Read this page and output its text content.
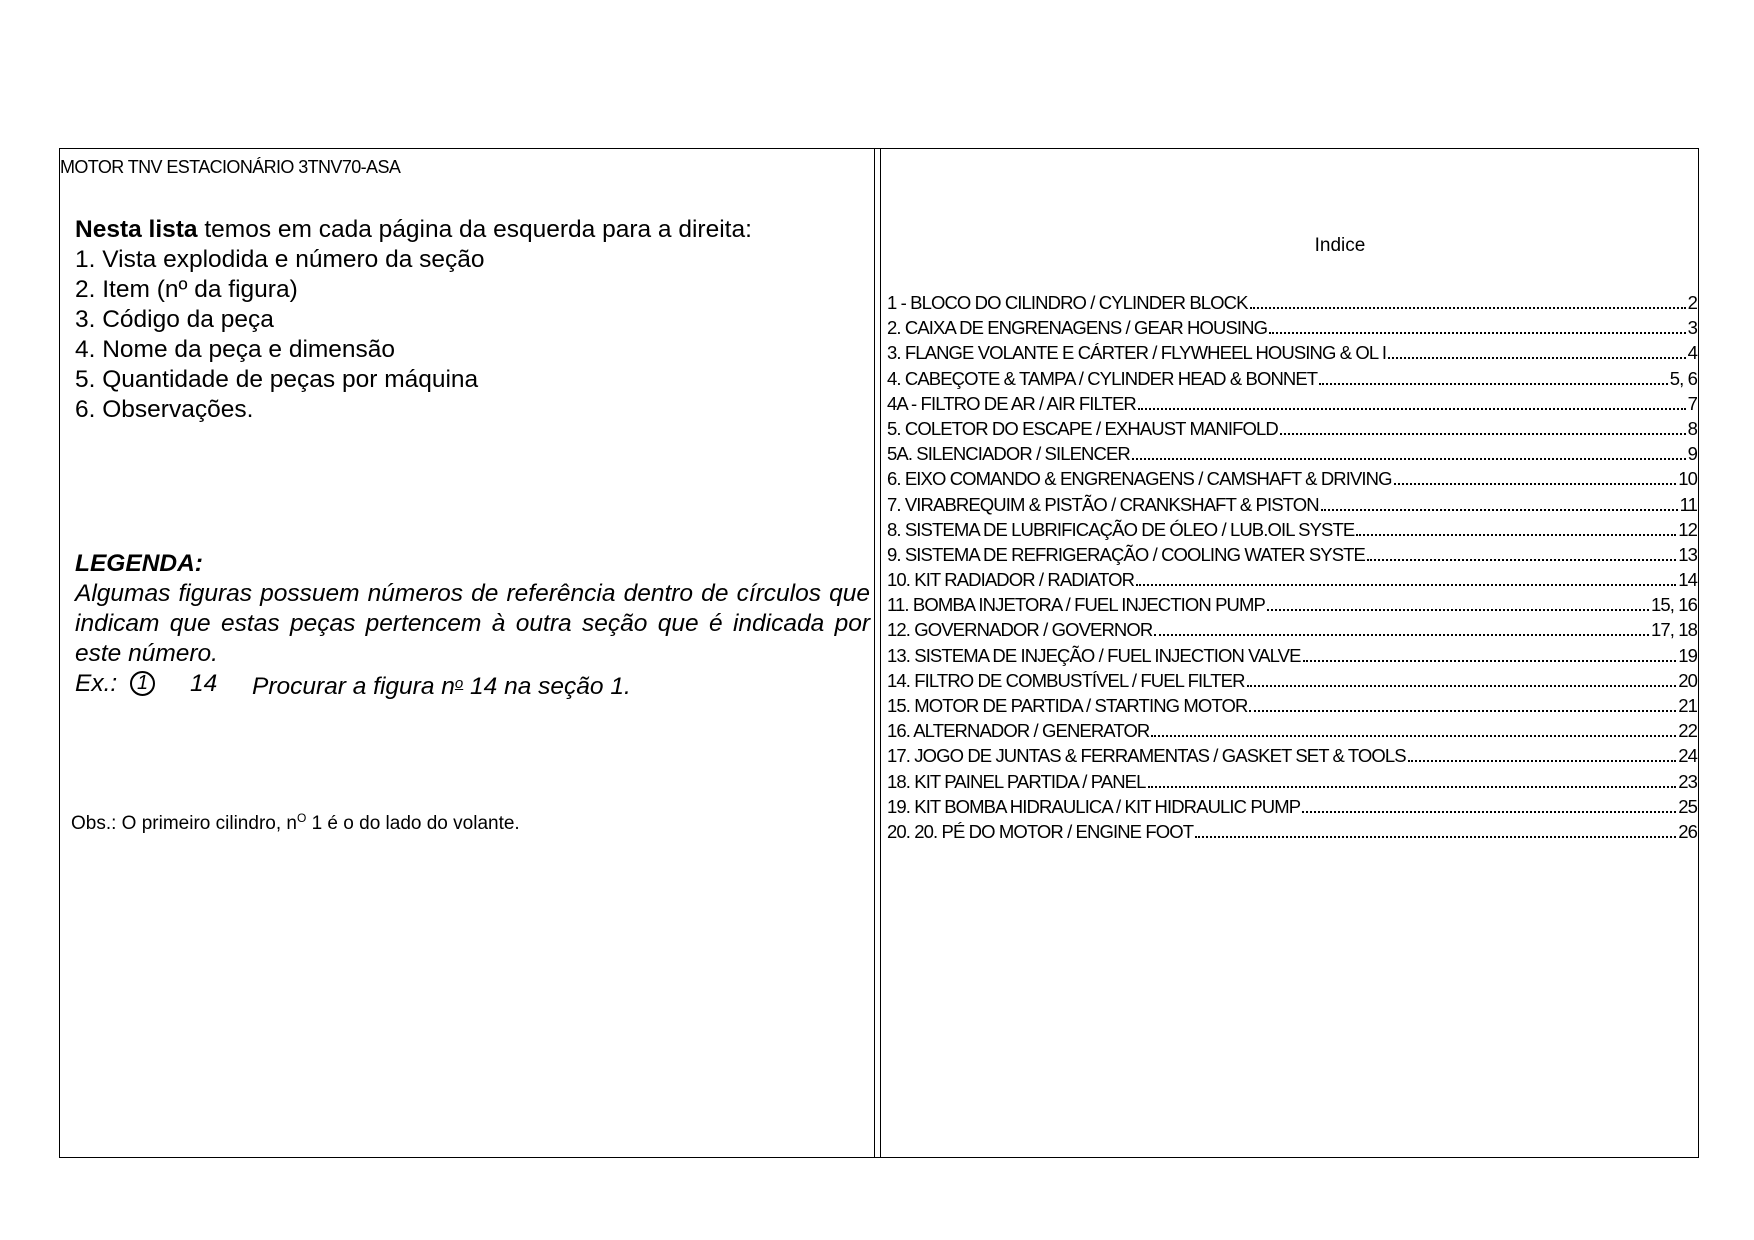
MOTOR TNV ESTACIONÁRIO 3TNV70-ASA
Nesta lista temos em cada página da esquerda para a direita:
1. Vista explodida e número da seção
2. Item (nº da figura)
3. Código da peça
4. Nome da peça e dimensão
5. Quantidade de peças por máquina
6. Observações.
LEGENDA:
Algumas figuras possuem números de referência dentro de círculos que indicam que estas peças pertencem à outra seção que é indicada por este número.
Ex.: 1 14 Procurar a figura $n^o$ 14 na seção 1.
Obs.: O primeiro cilindro, $n^O$ 1 é o do lado do volante.
Indice
1 - BLOCO DO CILINDRO / CYLINDER BLOCK	2
2. CAIXA DE ENGRENAGENS / GEAR HOUSING	3
3. FLANGE VOLANTE E CÁRTER / FLYWHEEL HOUSING & OL I	4
4. CABEÇOTE & TAMPA / CYLINDER HEAD & BONNET	5, 6
4A - FILTRO DE AR / AIR FILTER	7
5. COLETOR DO ESCAPE / EXHAUST MANIFOLD	8
5A. SILENCIADOR / SILENCER	9
6. EIXO COMANDO & ENGRENAGENS / CAMSHAFT & DRIVING	10
7. VIRABREQUIM & PISTÃO / CRANKSHAFT & PISTON	11
8. SISTEMA DE LUBRIFICAÇÃO DE ÓLEO / LUB.OIL SYSTE	12
9. SISTEMA DE REFRIGERAÇÃO / COOLING WATER SYSTE	13
10. KIT RADIADOR / RADIATOR	14
11. BOMBA INJETORA / FUEL INJECTION PUMP	15, 16
12. GOVERNADOR / GOVERNOR	17, 18
13. SISTEMA DE INJEÇÃO / FUEL INJECTION VALVE	19
14. FILTRO DE COMBUSTÍVEL / FUEL FILTER	20
15. MOTOR DE PARTIDA / STARTING MOTOR	21
16. ALTERNADOR / GENERATOR	22
17. JOGO DE JUNTAS & FERRAMENTAS / GASKET SET & TOOLS	24
18. KIT PAINEL PARTIDA / PANEL	23
19. KIT BOMBA HIDRAULICA / KIT HIDRAULIC PUMP	25
20. 20. PÉ DO MOTOR / ENGINE FOOT	26
